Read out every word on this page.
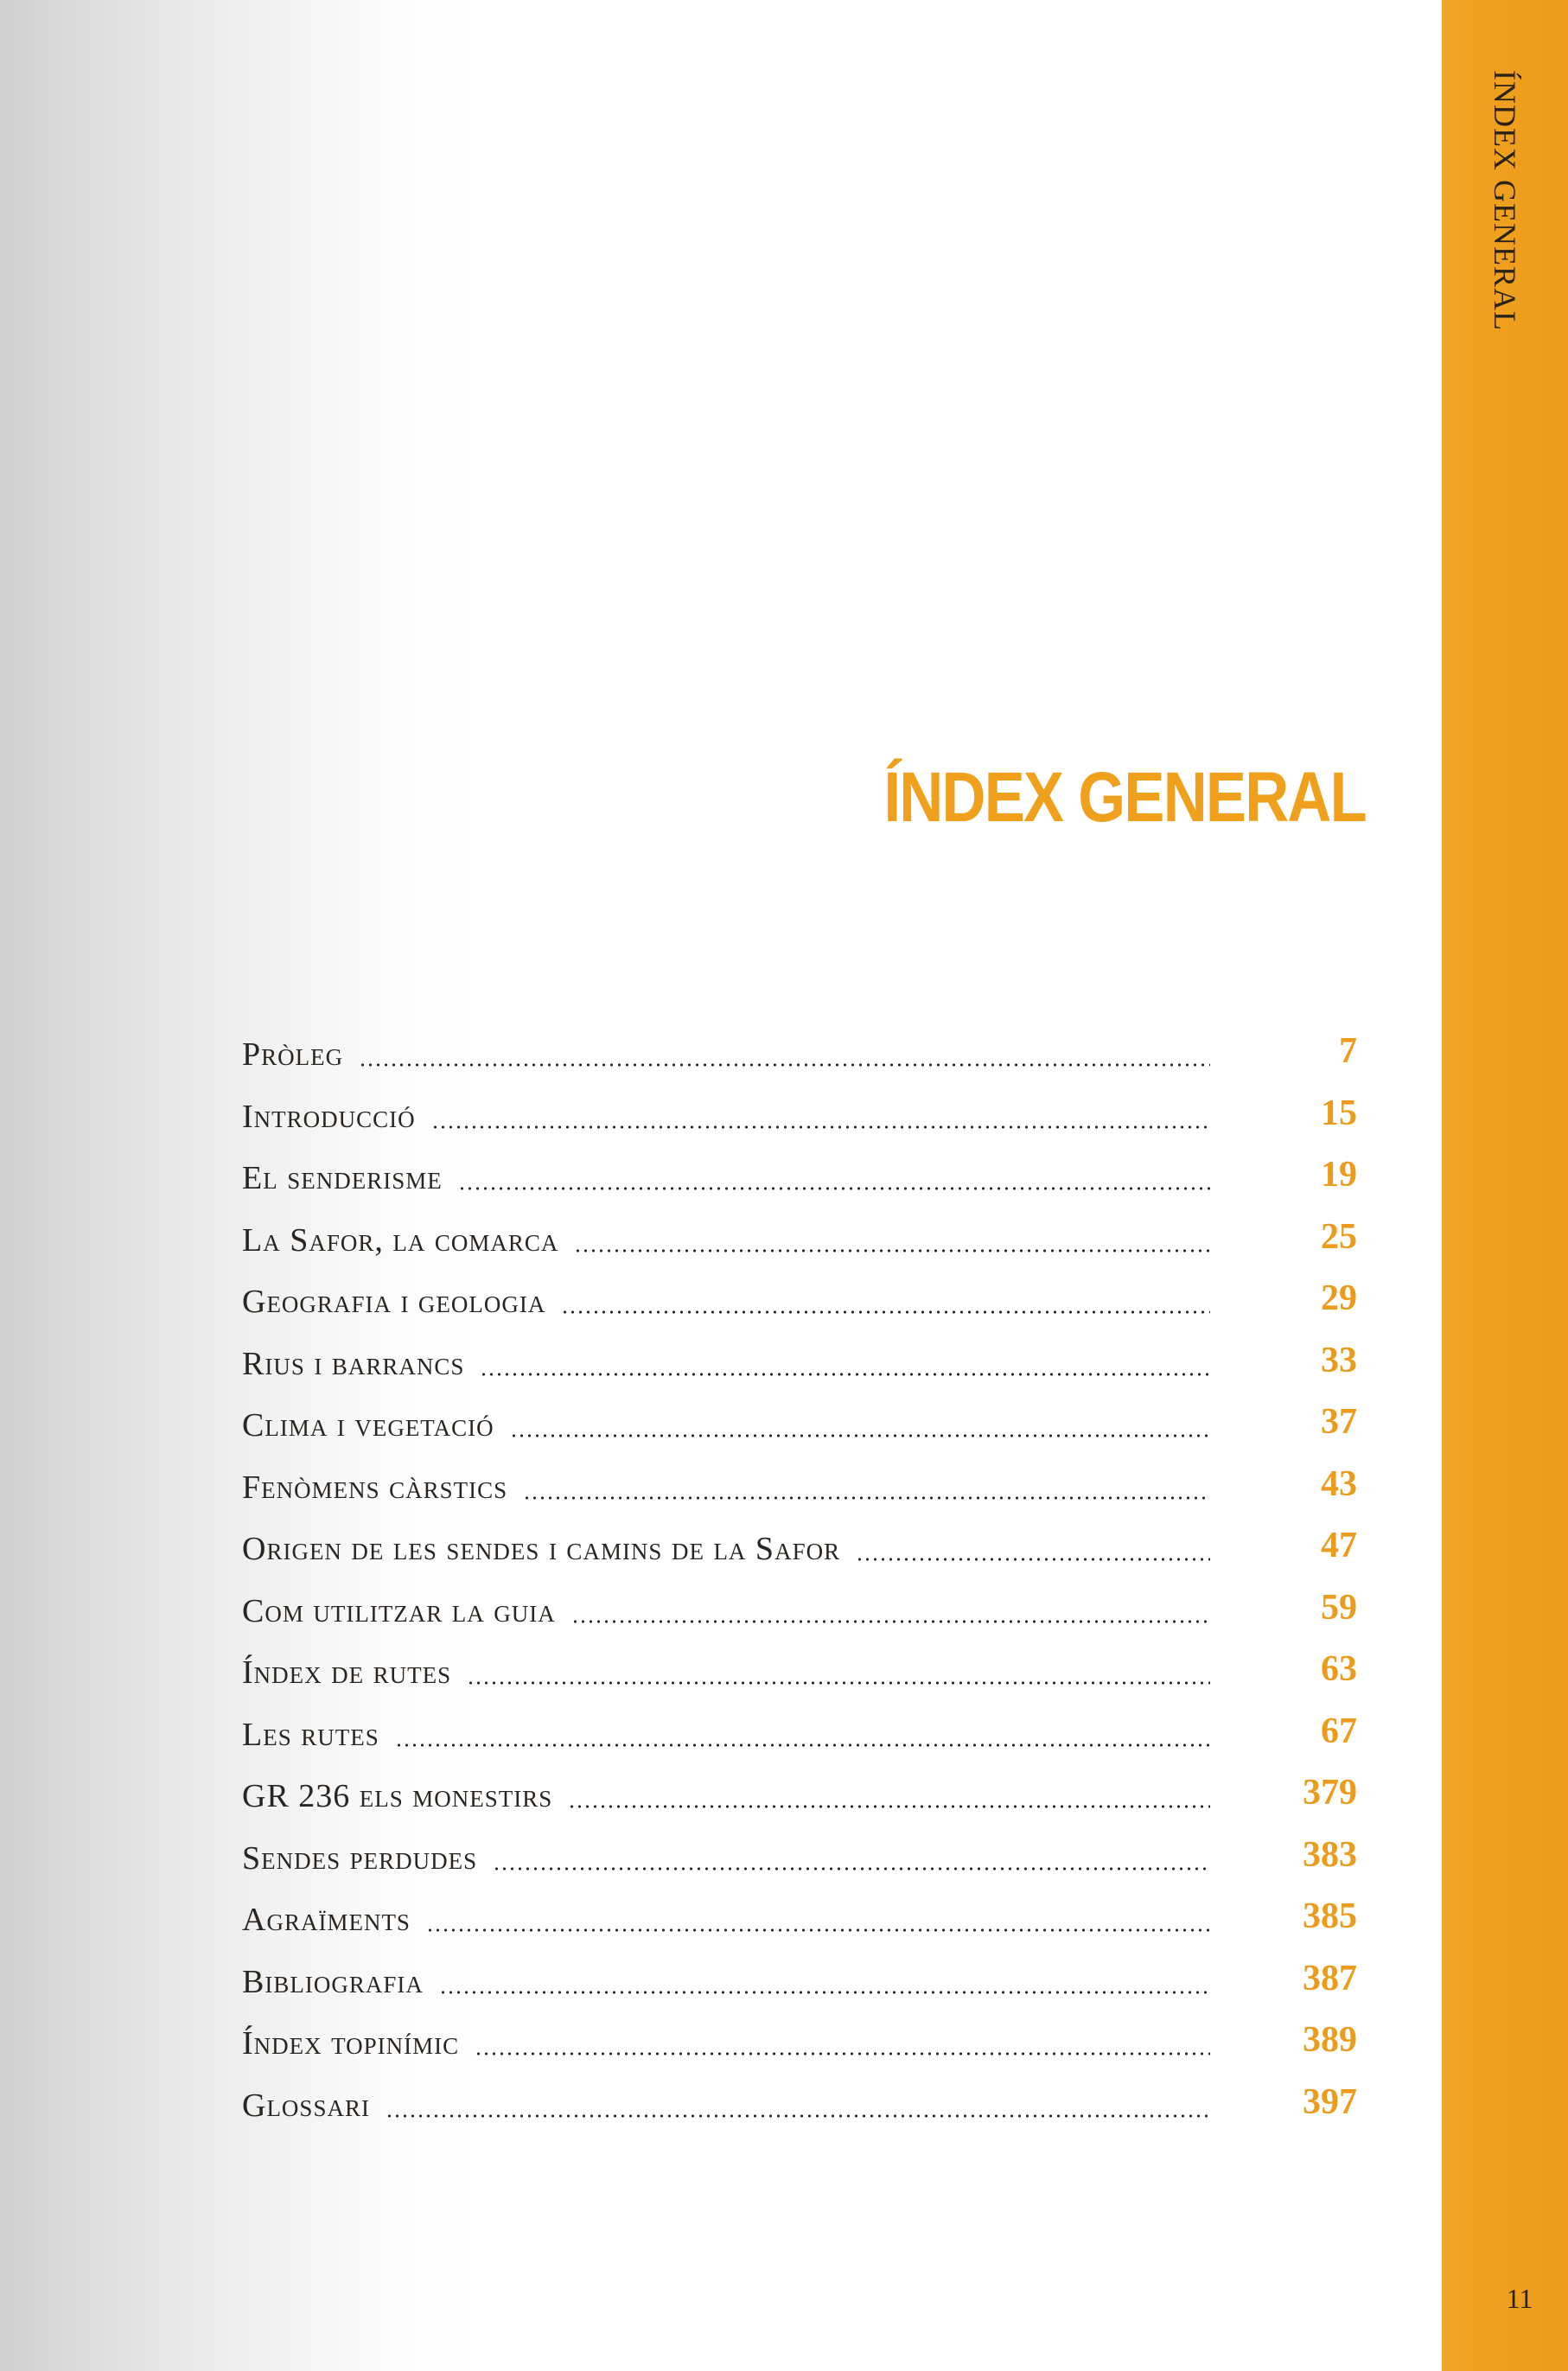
ÍNDEX GENERAL
11
ÍNDEX GENERAL
Pròleg	7
Introducció	15
El senderisme	19
La Safor, la comarca	25
Geografia i geologia	29
Rius i barrancs	33
Clima i vegetació	37
Fenòmens càrstics	43
Origen de les sendes i camins de la Safor	47
Com utilitzar la guia	59
Índex de rutes	63
Les rutes	67
GR 236 els monestirs	379
Sendes perdudes	383
Agraïments	385
Bibliografia	387
Índex topinímic	389
Glossari	397
